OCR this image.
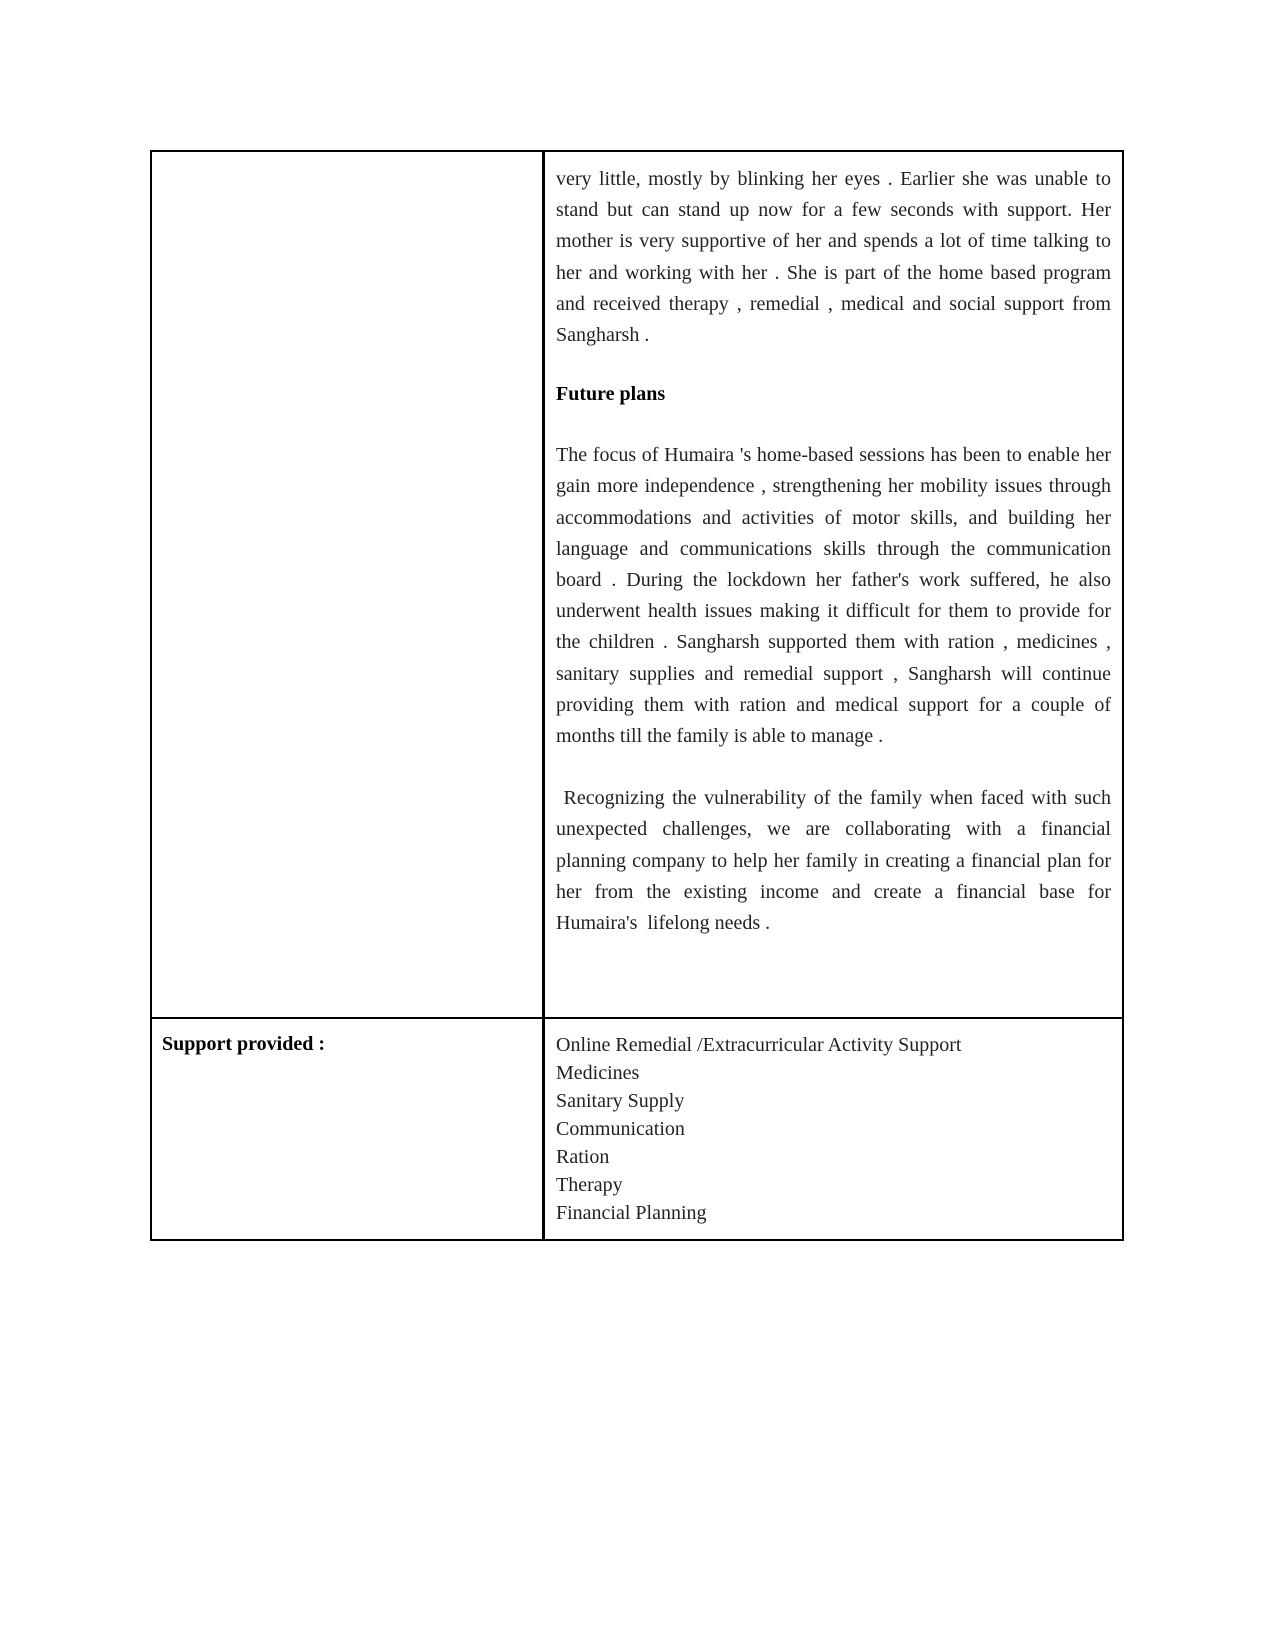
very little, mostly by blinking her eyes . Earlier she was unable to stand but can stand up now for a few seconds with support. Her mother is very supportive of her and spends a lot of time talking to her and working with her . She is part of the home based program and received therapy , remedial , medical and social support from Sangharsh .

Future plans

The focus of Humaira 's home-based sessions has been to enable her gain more independence , strengthening her mobility issues through accommodations and activities of motor skills, and building her language and communications skills through the communication board . During the lockdown her father's work suffered, he also underwent health issues making it difficult for them to provide for the children . Sangharsh supported them with ration , medicines , sanitary supplies and remedial support , Sangharsh will continue providing them with ration and medical support for a couple of months till the family is able to manage .

Recognizing the vulnerability of the family when faced with such unexpected challenges, we are collaborating with a financial planning company to help her family in creating a financial plan for her from the existing income and create a financial base for Humaira's  lifelong needs .

Support provided :	Online Remedial /Extracurricular Activity Support
Medicines
Sanitary Supply
Communication
Ration
Therapy
Financial Planning
